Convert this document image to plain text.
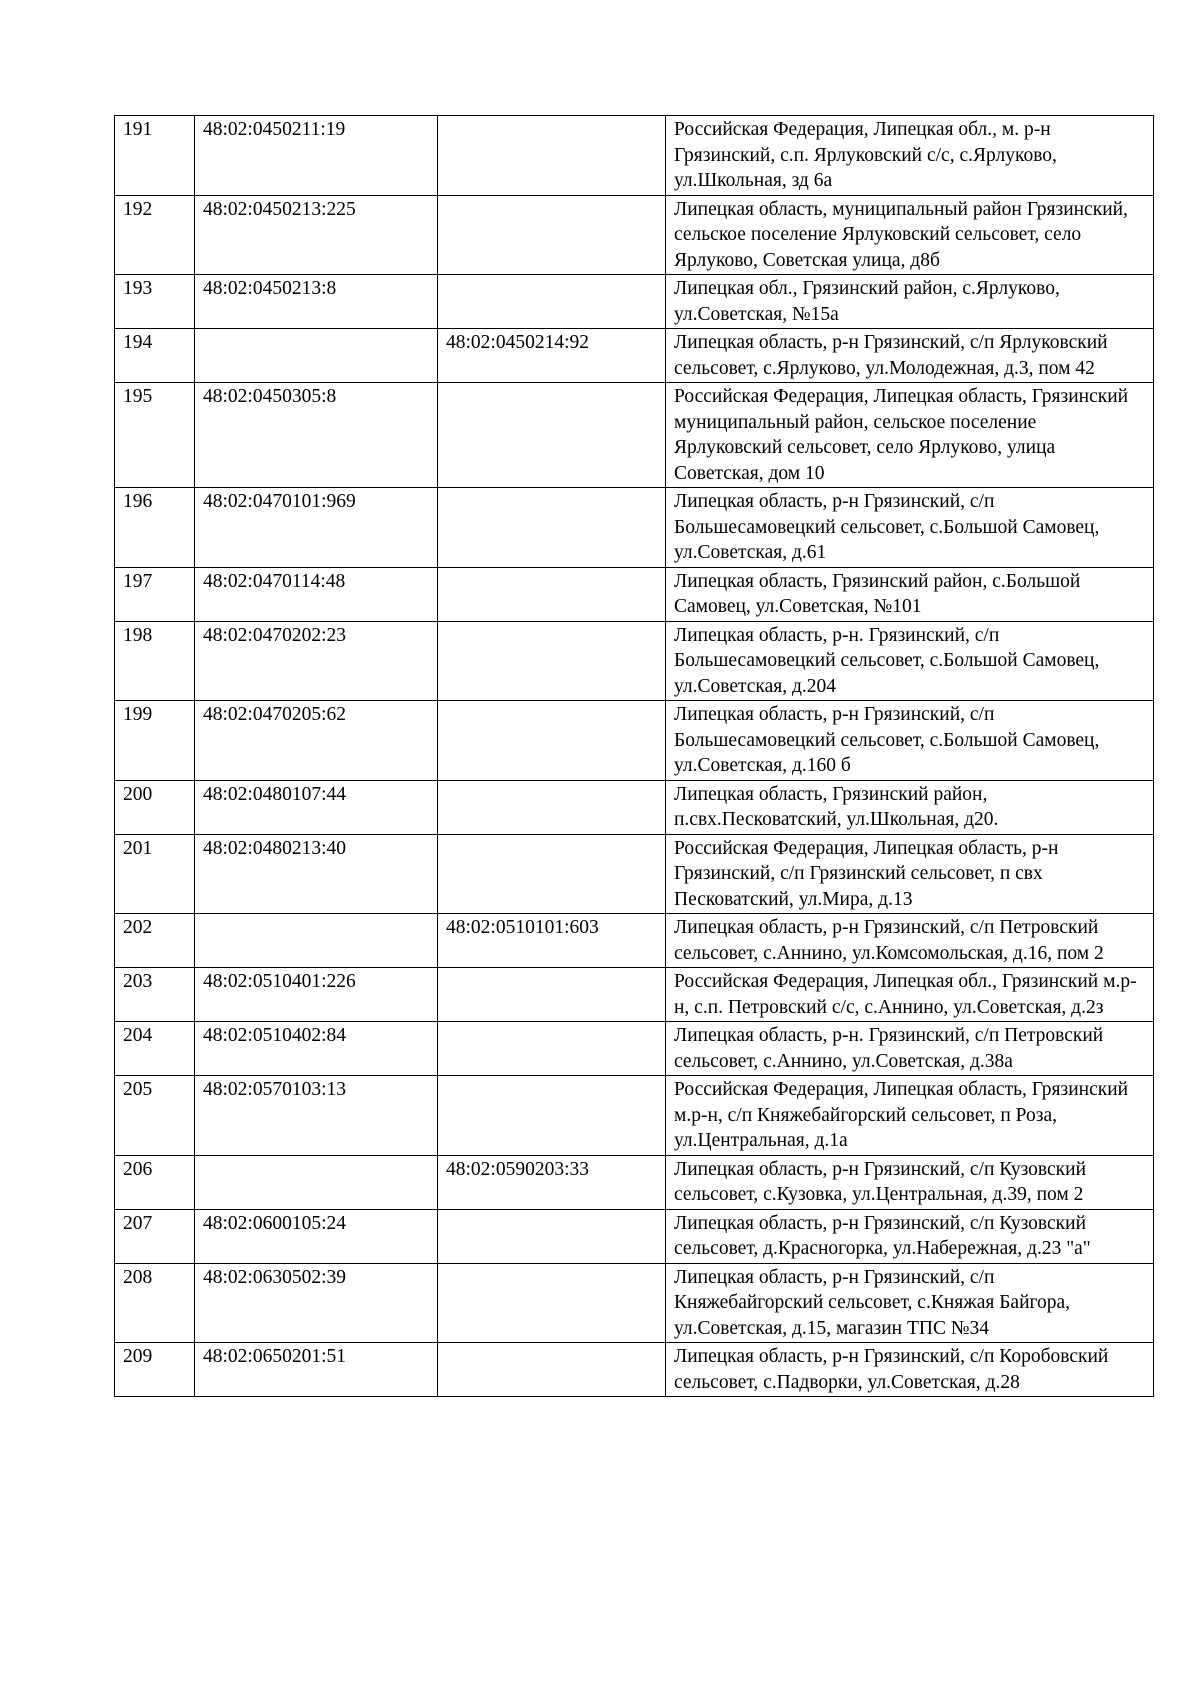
191	48:02:0450211:19		Российская Федерация, Липецкая обл., м. р-н Грязинский, с.п. Ярлуковский с/с, с.Ярлуково, ул.Школьная, зд 6а
192	48:02:0450213:225		Липецкая область, муниципальный район Грязинский, сельское поселение Ярлуковский сельсовет, село
Ярлуково, Советская улица, д8б
193	48:02:0450213:8		Липецкая обл., Грязинский район, с.Ярлуково, ул.Советская, №15а
194		48:02:0450214:92	Липецкая область, р-н Грязинский, с/п Ярлуковский сельсовет, с.Ярлуково, ул.Молодежная, д.3, пом 42
195	48:02:0450305:8		Российская Федерация, Липецкая область, Грязинский муниципальный район, сельское поселение Ярлуковский сельсовет, село Ярлуково, улица Советская, дом 10
196	48:02:0470101:969		Липецкая область, р-н Грязинский, с/п Большесамовецкий сельсовет, с.Большой Самовец, ул.Советская, д.61
197	48:02:0470114:48		Липецкая область, Грязинский район, с.Большой Самовец, ул.Советская, №101
198	48:02:0470202:23		Липецкая область, р-н. Грязинский, с/п Большесамовецкий сельсовет, с.Большой Самовец, ул.Советская, д.204
199	48:02:0470205:62		Липецкая область, р-н Грязинский, с/п Большесамовецкий сельсовет, с.Большой Самовец, ул.Советская, д.160 б
200	48:02:0480107:44		Липецкая область, Грязинский район, п.свх.Песковатский, ул.Школьная, д20.
201	48:02:0480213:40		Российская Федерация, Липецкая область, р-н Грязинский, с/п Грязинский сельсовет, п свх Песковатский, ул.Мира, д.13
202		48:02:0510101:603	Липецкая область, р-н Грязинский, с/п Петровский сельсовет, с.Аннино, ул.Комсомольская, д.16, пом 2
203	48:02:0510401:226		Российская Федерация, Липецкая обл., Грязинский м.р-н, с.п. Петровский с/с, с.Аннино, ул.Советская, д.2з
204	48:02:0510402:84		Липецкая область, р-н. Грязинский, с/п Петровский сельсовет, с.Аннино, ул.Советская, д.38а
205	48:02:0570103:13		Российская Федерация, Липецкая область, Грязинский м.р-н, с/п Княжебайгорский сельсовет, п Роза, ул.Центральная, д.1а
206		48:02:0590203:33	Липецкая область, р-н Грязинский, с/п Кузовский сельсовет, с.Кузовка, ул.Центральная, д.39, пом 2
207	48:02:0600105:24		Липецкая область, р-н Грязинский, с/п Кузовский сельсовет, д.Красногорка, ул.Набережная, д.23 "а"
208	48:02:0630502:39		Липецкая область, р-н Грязинский, с/п Княжебайгорский сельсовет, с.Княжая Байгора, ул.Советская, д.15, магазин ТПС №34
209	48:02:0650201:51		Липецкая область, р-н Грязинский, с/п Коробовский сельсовет, с.Падворки, ул.Советская, д.28
